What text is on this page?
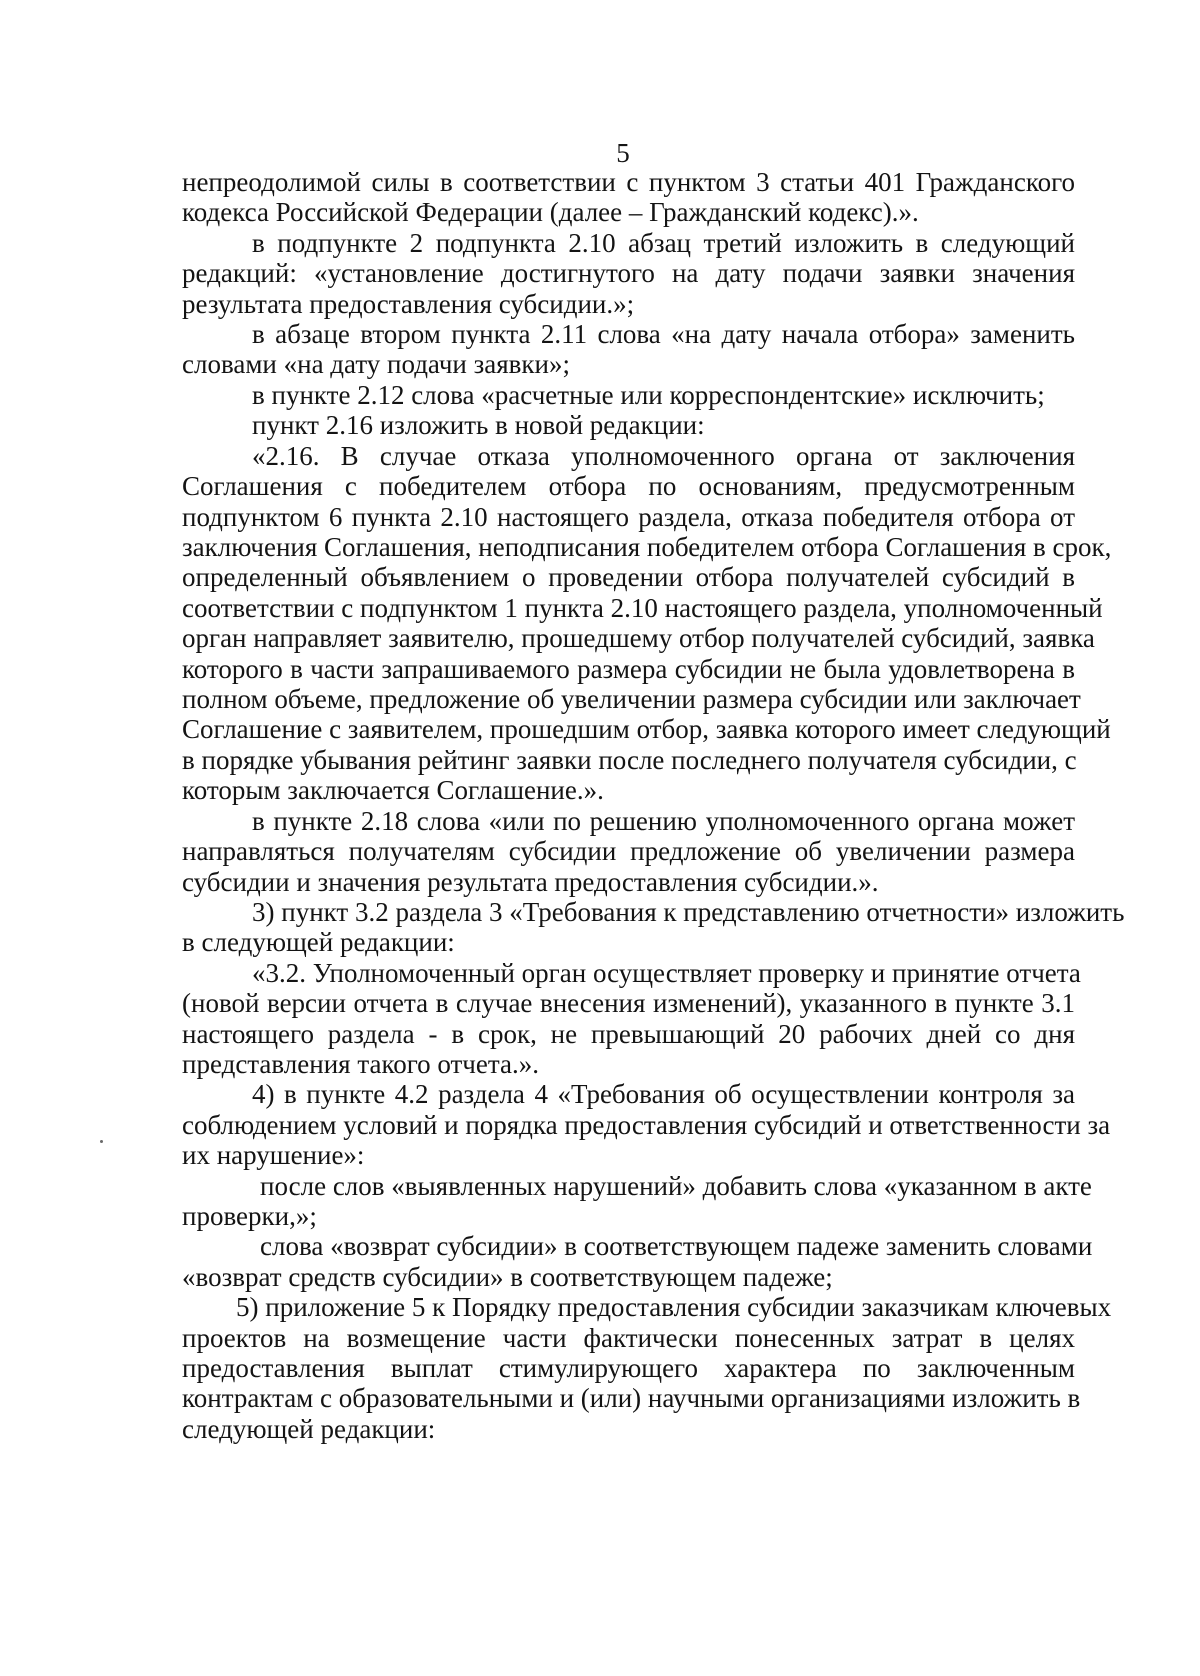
5
непреодолимой силы в соответствии с пунктом 3 статьи 401 Гражданского
кодекса Российской Федерации (далее – Гражданский кодекс).».
в подпункте 2 подпункта 2.10 абзац третий изложить в следующий
редакций: «установление достигнутого на дату подачи заявки значения
результата предоставления субсидии.»;
в абзаце втором пункта 2.11 слова «на дату начала отбора» заменить
словами «на дату подачи заявки»;
в пункте 2.12 слова «расчетные или корреспондентские» исключить;
пункт 2.16 изложить в новой редакции:
«2.16. В случае отказа уполномоченного органа от заключения
Соглашения с победителем отбора по основаниям, предусмотренным
подпунктом 6 пункта 2.10 настоящего раздела, отказа победителя отбора от
заключения Соглашения, неподписания победителем отбора Соглашения в срок,
определенный объявлением о проведении отбора получателей субсидий в
соответствии с подпунктом 1 пункта 2.10 настоящего раздела, уполномоченный
орган направляет заявителю, прошедшему отбор получателей субсидий, заявка
которого в части запрашиваемого размера субсидии не была удовлетворена в
полном объеме, предложение об увеличении размера субсидии или заключает
Соглашение с заявителем, прошедшим отбор, заявка которого имеет следующий
в порядке убывания рейтинг заявки после последнего получателя субсидии, с
которым заключается Соглашение.».
в пункте 2.18 слова «или по решению уполномоченного органа может
направляться получателям субсидии предложение об увеличении размера
субсидии и значения результата предоставления субсидии.».
3) пункт 3.2 раздела 3 «Требования к представлению отчетности» изложить
в следующей редакции:
«3.2. Уполномоченный орган осуществляет проверку и принятие отчета
(новой версии отчета в случае внесения изменений), указанного в пункте 3.1
настоящего раздела - в срок, не превышающий 20 рабочих дней со дня
представления такого отчета.».
4) в пункте 4.2 раздела 4 «Требования об осуществлении контроля за
соблюдением условий и порядка предоставления субсидий и ответственности за
их нарушение»:
после слов «выявленных нарушений» добавить слова «указанном в акте
проверки,»;
слова «возврат субсидии» в соответствующем падеже заменить словами
«возврат средств субсидии» в соответствующем падеже;
5) приложение 5 к Порядку предоставления субсидии заказчикам ключевых
проектов на возмещение части фактически понесенных затрат в целях
предоставления выплат стимулирующего характера по заключенным
контрактам с образовательными и (или) научными организациями изложить в
следующей редакции:
